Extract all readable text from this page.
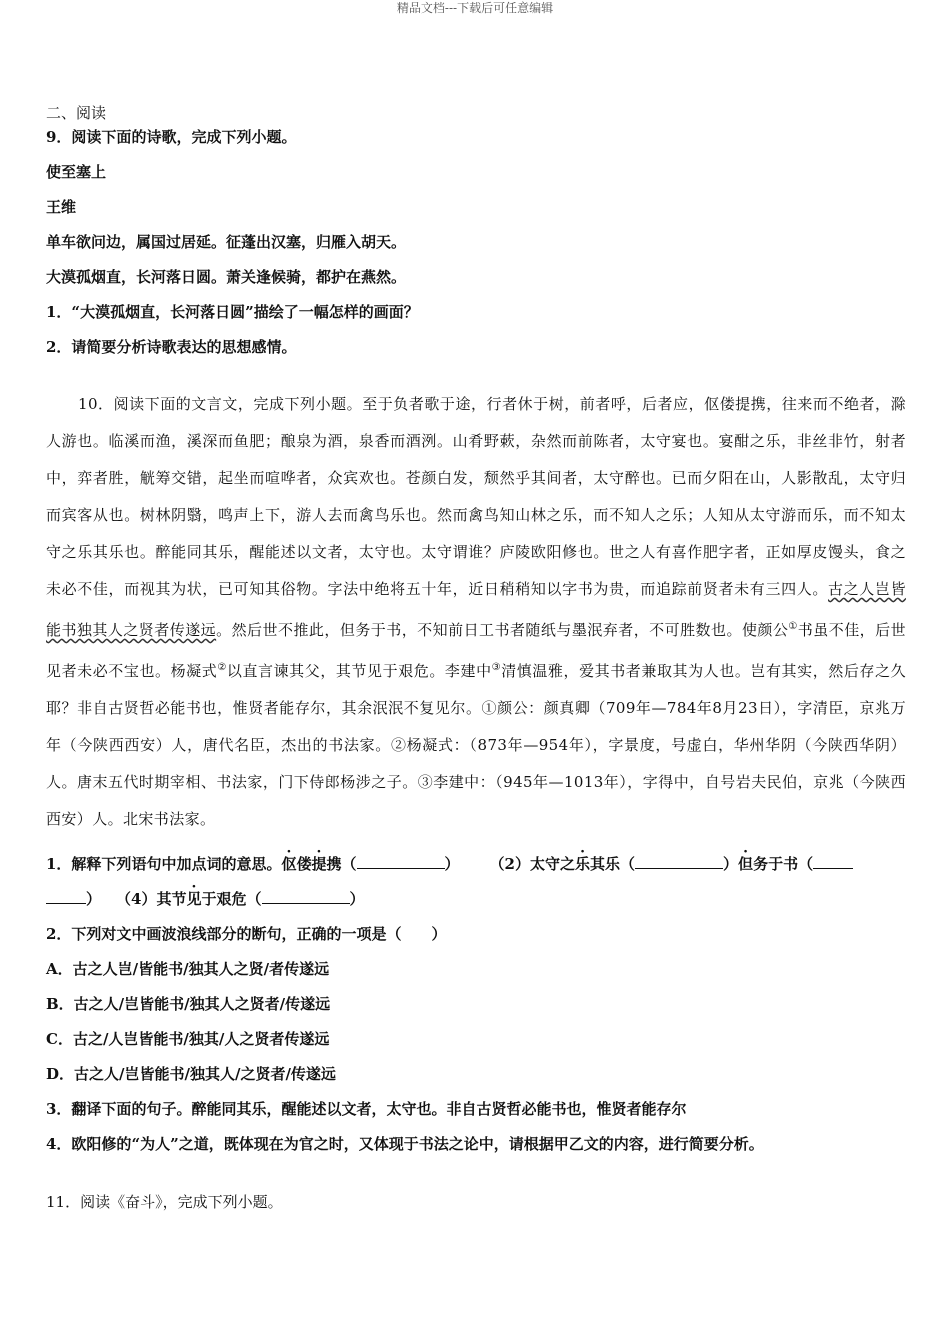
精品文档---下载后可任意编辑

二、阅读

9．阅读下面的诗歌，完成下列小题。

使至塞上

王维

单车欲问边，属国过居延。征蓬出汉塞，归雁入胡天。

大漠孤烟直，长河落日圆。萧关逢候骑，都护在燕然。

1．“大漠孤烟直，长河落日圆”描绘了一幅怎样的画面？

2．请简要分析诗歌表达的思想感情。

10．阅读下面的文言文，完成下列小题。至于负者歌于途，行者休于树，前者呼，后者应，伛偻提携，往来而不绝者，滁人游也。临溪而渔，溪深而鱼肥；酿泉为酒，泉香而酒洌。山肴野蔌，杂然而前陈者，太守宴也。宴酣之乐，非丝非竹，射者中，弈者胜，觥筹交错，起坐而喧哗者，众宾欢也。苍颜白发，颓然乎其间者，太守醉也。已而夕阳在山，人影散乱，太守归而宾客从也。树林阴翳，鸣声上下，游人去而禽鸟乐也。然而禽鸟知山林之乐，而不知人之乐；人知从太守游而乐，而不知太守之乐其乐也。醉能同其乐，醒能述以文者，太守也。太守谓谁？庐陵欧阳修也。世之人有喜作肥字者，正如厚皮馒头，食之未必不佳，而视其为状，已可知其俗物。字法中绝将五十年，近日稍稍知以字书为贵，而追踪前贤者未有三四人。古之人岂皆能书独其人之贤者传遂远。然后世不推此，但务于书，不知前日工书者随纸与墨泯弃者，不可胜数也。使颜公①书虽不佳，后世见者未必不宝也。杨凝式②以直言谏其父，其节见于艰危。李建中③清慎温雅，爱其书者兼取其为人也。岂有其实，然后存之久耶？非自古贤哲必能书也，惟贤者能存尔，其余泯泯不复见尔。①颜公：颜真卿（709年—784年8月23日），字清臣，京兆万年（今陕西西安）人，唐代名臣，杰出的书法家。②杨凝式：（873年—954年），字景度，号虚白，华州华阴（今陕西华阴）人。唐末五代时期宰相、书法家，门下侍郎杨涉之子。③李建中：（945年—1013年），字得中，自号岩夫民伯，京兆（今陕西西安）人。北宋书法家。

1．解释下列语句中加点词的意思。伛偻提携（	）　　　	（2）太守之乐其乐（	）但务于书（

）　　 （4）其节见于艰危（	）

2．下列对文中画波浪线部分的断句，正确的一项是（　　）

A．古之人岂/皆能书/独其人之贤/者传遂远

B．古之人/岂皆能书/独其人之贤者/传遂远

C．古之/人岂皆能书/独其/人之贤者传遂远

D．古之人/岂皆能书/独其人/之贤者/传遂远

3．翻译下面的句子。醉能同其乐，醒能述以文者，太守也。非自古贤哲必能书也，惟贤者能存尔

4．欧阳修的“为人”之道，既体现在为官之时，又体现于书法之论中，请根据甲乙文的内容，进行简要分析。

11．阅读《奋斗》，完成下列小题。
